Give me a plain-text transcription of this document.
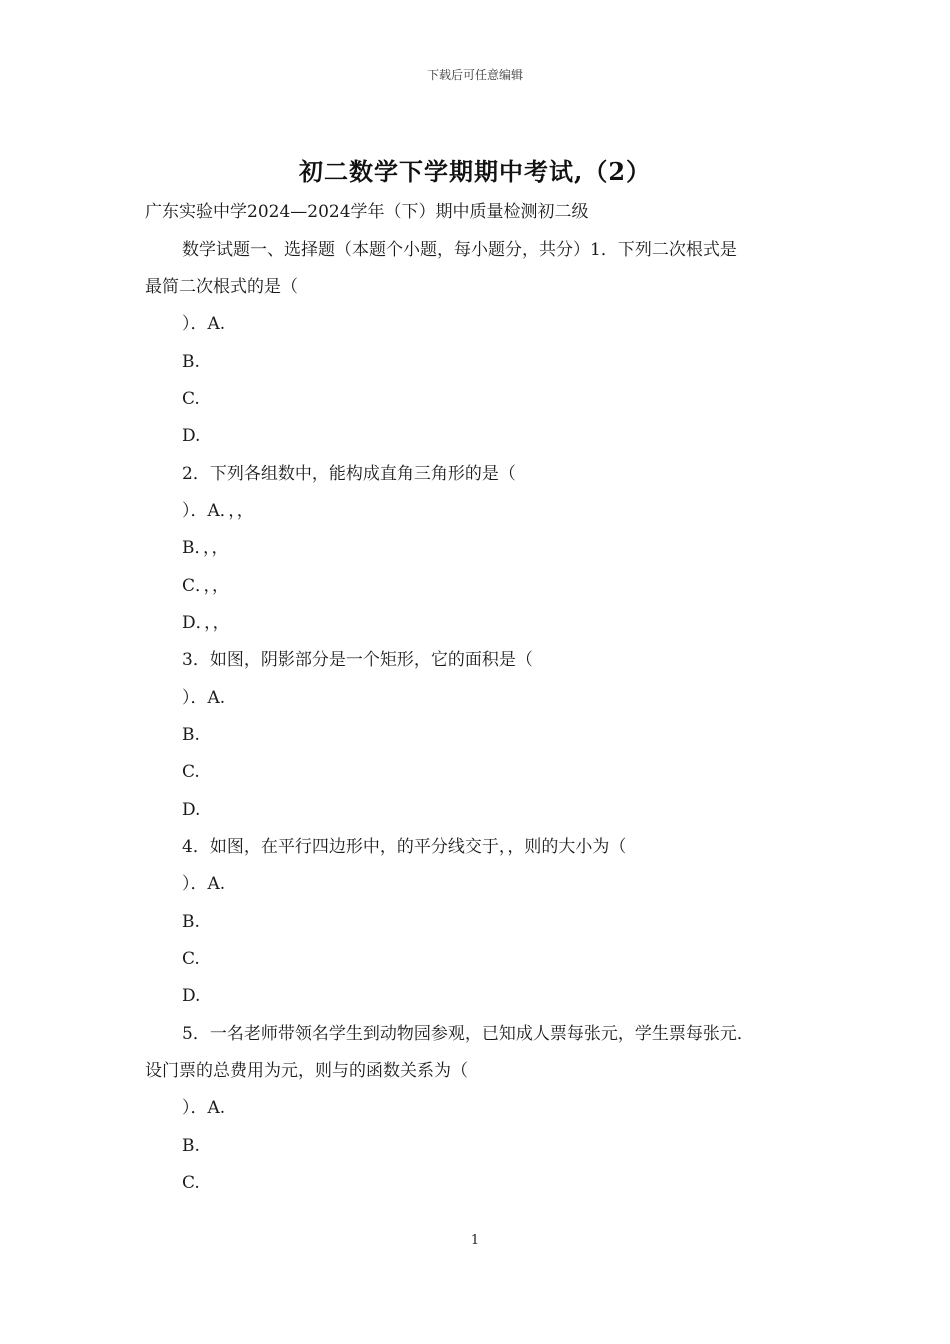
下载后可任意编辑
初二数学下学期期中考试,（2）
广东实验中学2024—2024学年（下）期中质量检测初二级
数学试题一、选择题（本题个小题，每小题分，共分）1．下列二次根式是
最简二次根式的是（
）．A.
B.
C.
D.
2．下列各组数中，能构成直角三角形的是（
）．A．，，
B．，，
C．，，
D．，，
3．如图，阴影部分是一个矩形，它的面积是（
）．A.
B.
C.
D.
4．如图，在平行四边形中，的平分线交于，，则的大小为（
）．A.
B.
C.
D.
5．一名老师带领名学生到动物园参观，已知成人票每张元，学生票每张元．
设门票的总费用为元，则与的函数关系为（
）．A.
B.
C.
1
